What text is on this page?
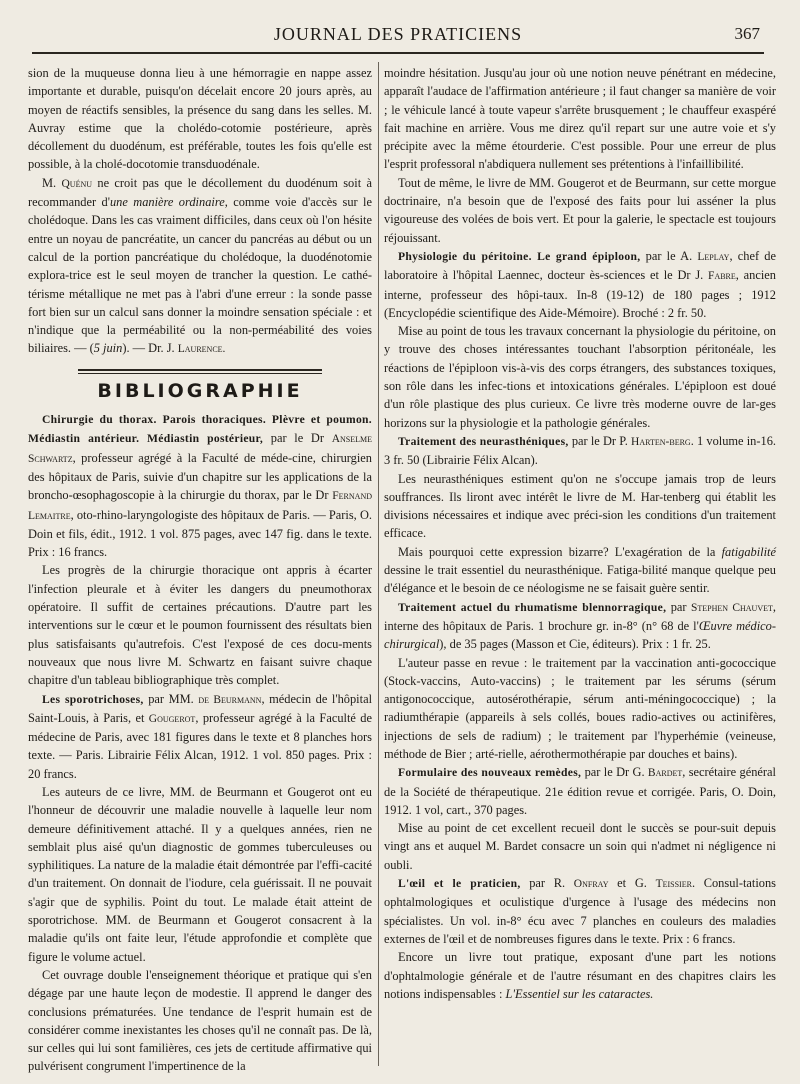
JOURNAL DES PRATICIENS	367

sion de la muqueuse donna lieu à une hémorragie en nappe assez importante et durable, puisqu'on décelait encore 20 jours après, au moyen de réactifs sensibles, la présence du sang dans les selles. M. Auvray estime que la cholédo-cotomie postérieure, après décollement du duodénum, est préférable, toutes les fois qu'elle est possible, à la cholé-docotomie transduodénale.

M. Quénu ne croit pas que le décollement du duodénum soit à recommander d'une manière ordinaire, comme voie d'accès sur le cholédoque. Dans les cas vraiment difficiles, dans ceux où l'on hésite entre un noyau de pancréatite, un cancer du pancréas au début ou un calcul de la portion pancréatique du cholédoque, la duodénotomie explora-trice est le seul moyen de trancher la question. Le cathé-térisme métallique ne met pas à l'abri d'une erreur : la sonde passe fort bien sur un calcul sans donner la moindre sensation spéciale : et n'indique que la perméabilité ou la non-perméabilité des voies biliaires. — (5 juin). — Dr. J. Laurence.

BIBLIOGRAPHIE

Chirurgie du thorax. Parois thoraciques. Plèvre et poumon. Médiastin antérieur. Médiastin postérieur, par le Dr Anselme Schwartz, professeur agrégé à la Faculté de méde-cine, chirurgien des hôpitaux de Paris, suivie d'un chapitre sur les applications de la broncho-œsophagoscopie à la chirurgie du thorax, par le Dr Fernand Lemaitre, oto-rhino-laryngologiste des hôpitaux de Paris. — Paris, O. Doin et fils, édit., 1912. 1 vol. 875 pages, avec 147 fig. dans le texte. Prix : 16 francs.

Les progrès de la chirurgie thoracique ont appris à écarter l'infection pleurale et à éviter les dangers du pneumothorax opératoire. Il suffit de certaines précautions. D'autre part les interventions sur le cœur et le poumon fournissent des résultats bien plus satisfaisants qu'autrefois. C'est l'exposé de ces docu-ments nouveaux que nous livre M. Schwartz en faisant suivre chaque chapitre d'un tableau bibliographique très complet.

Les sporotrichoses, par MM. de Beurmann, médecin de l'hôpital Saint-Louis, à Paris, et Gougerot, professeur agrégé à la Faculté de médecine de Paris, avec 181 figures dans le texte et 8 planches hors texte. — Paris. Librairie Félix Alcan, 1912. 1 vol. 850 pages. Prix : 20 francs.

Les auteurs de ce livre, MM. de Beurmann et Gougerot ont eu l'honneur de découvrir une maladie nouvelle à laquelle leur nom demeure définitivement attaché. Il y a quelques années, rien ne semblait plus aisé qu'un diagnostic de gommes tuberculeuses ou syphilitiques. La nature de la maladie était démontrée par l'effi-cacité d'un traitement. On donnait de l'iodure, cela guérissait. Il ne pouvait s'agir que de syphilis. Point du tout. Le malade était atteint de sporotrichose. MM. de Beurmann et Gougerot consacrent à la maladie qu'ils ont faite leur, l'étude approfondie et complète que figure le volume actuel.

Cet ouvrage double l'enseignement théorique et pratique qui s'en dégage par une haute leçon de modestie. Il apprend le danger des conclusions prématurées. Une tendance de l'esprit humain est de considérer comme inexistantes les choses qu'il ne connaît pas. De là, sur celles qui lui sont familières, ces jets de certitude affirmative qui pulvérisent congrument l'impertinence de la

moindre hésitation. Jusqu'au jour où une notion neuve pénétrant en médecine, apparaît l'audace de l'affirmation antérieure ; il faut changer sa manière de voir ; le véhicule lancé à toute vapeur s'arrête brusquement ; le chauffeur exaspéré fait machine en arrière. Vous me direz qu'il repart sur une autre voie et s'y précipite avec la même étourderie. C'est possible. Pour une erreur de plus l'esprit professoral n'abdiquera nullement ses prétentions à l'infaillibilité.

Tout de même, le livre de MM. Gougerot et de Beurmann, sur cette morgue doctrinaire, n'a besoin que de l'exposé des faits pour lui asséner la plus vigoureuse des volées de bois vert. Et pour la galerie, le spectacle est toujours réjouissant.

Physiologie du péritoine. Le grand épiploon, par le A. Leplay, chef de laboratoire à l'hôpital Laennec, docteur ès-sciences et le Dr J. Fabre, ancien interne, professeur des hôpi-taux. In-8 (19-12) de 180 pages ; 1912 (Encyclopédie scientifique des Aide-Mémoire). Broché : 2 fr. 50.

Mise au point de tous les travaux concernant la physiologie du péritoine, on y trouve des choses intéressantes touchant l'absorption péritonéale, les réactions de l'épiploon vis-à-vis des corps étrangers, des substances toxiques, son rôle dans les infec-tions et intoxications générales. L'épiploon est doué d'un rôle plastique des plus curieux. Ce livre très moderne ouvre de lar-ges horizons sur la physiologie et la pathologie générales.

Traitement des neurasthéniques, par le Dr P. Harten-berg. 1 volume in-16. 3 fr. 50 (Librairie Félix Alcan).

Les neurasthéniques estiment qu'on ne s'occupe jamais trop de leurs souffrances. Ils liront avec intérêt le livre de M. Har-tenberg qui établit les divisions nécessaires et indique avec préci-sion les conditions d'un traitement efficace.

Mais pourquoi cette expression bizarre? L'exagération de la fatigabilité dessine le trait essentiel du neurasthénique. Fatiga-bilité manque quelque peu d'élégance et le besoin de ce néologisme ne se faisait guère sentir.

Traitement actuel du rhumatisme blennorragique, par Stephen Chauvet, interne des hôpitaux de Paris. 1 brochure gr. in-8° (n° 68 de l'Œuvre médico-chirurgical), de 35 pages (Masson et Cie, éditeurs). Prix : 1 fr. 25.

L'auteur passe en revue : le traitement par la vaccination anti-gococcique (Stock-vaccins, Auto-vaccins) ; le traitement par les sérums (sérum antigonococcique, autosérothérapie, sérum anti-méningococcique) ; la radiumthérapie (appareils à sels collés, boues radio-actives ou actinifères, injections de sels de radium) ; le traitement par l'hyperhémie (veineuse, méthode de Bier ; arté-rielle, aérothermothérapie par douches et bains).

Formulaire des nouveaux remèdes, par le Dr G. Bardet, secrétaire général de la Société de thérapeutique. 21e édition revue et corrigée. Paris, O. Doin, 1912. 1 vol, cart., 370 pages.

Mise au point de cet excellent recueil dont le succès se pour-suit depuis vingt ans et auquel M. Bardet consacre un soin qui n'admet ni négligence ni oubli.

L'œil et le praticien, par R. Onfray et G. Teissier. Consul-tations ophtalmologiques et oculistique d'urgence à l'usage des médecins non spécialistes. Un vol. in-8° écu avec 7 planches en couleurs des maladies externes de l'œil et de nombreuses figures dans le texte. Prix : 6 francs.

Encore un livre tout pratique, exposant d'une part les notions d'ophtalmologie générale et de l'autre résumant en des chapitres clairs les notions indispensables : L'Essentiel sur les cataractes.
